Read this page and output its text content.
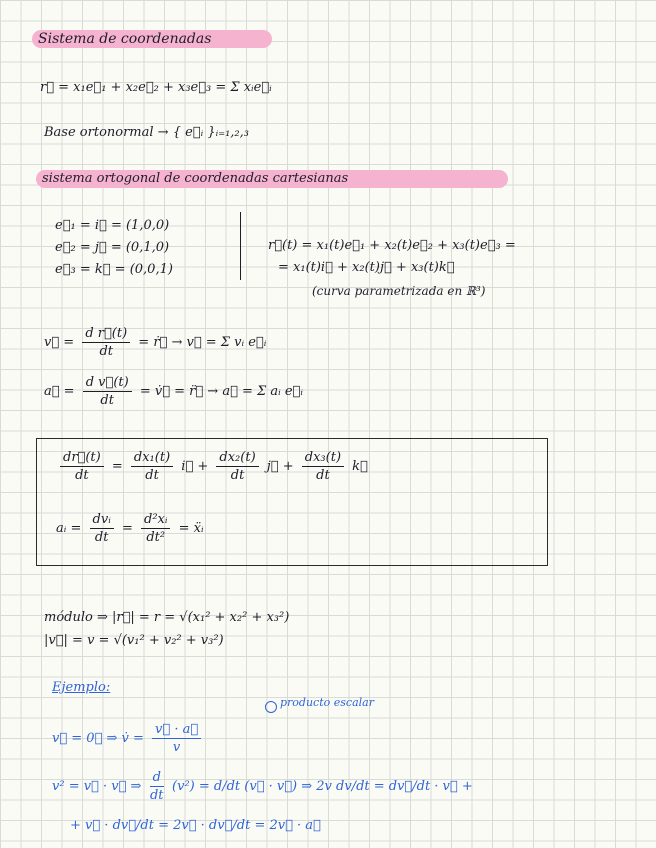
Sistema de coordenadas
r⃗ = x₁e⃗₁ + x₂e⃗₂ + x₃e⃗₃ = Σ xᵢe⃗ᵢ
Base ortonormal → { e⃗ᵢ }ᵢ₌₁,₂,₃
sistema ortogonal de coordenadas cartesianas
e⃗₁ = i⃗ = (1,0,0)
e⃗₂ = j⃗ = (0,1,0)
e⃗₃ = k⃗ = (0,0,1)
r⃗(t) = x₁(t)e⃗₁ + x₂(t)e⃗₂ + x₃(t)e⃗₃ =
= x₁(t)i⃗ + x₂(t)j⃗ + x₃(t)k⃗
(curva parametrizada en ℝ³)
v⃗ = $\frac{\text{d r⃗(t)}}{dt}$ = ṙ⃗ → v⃗ = Σ vᵢ e⃗ᵢ
a⃗ = $\frac{\text{d v⃗(t)}}{dt}$ = v̇⃗ = r̈⃗ → a⃗ = Σ aᵢ e⃗ᵢ
$\frac{dr⃗(t)}{dt} = \frac{\text{dx₁(t)}}{dt}$ i⃗ + $\frac{\text{dx₂(t)}}{dt}$ j⃗ + $\frac{\text{dx₃(t)}}{dt}$ k⃗
aᵢ = $\frac{\text{dvᵢ}}{dt} = \frac{\text{d²xᵢ}}{\text{dt²}}$ = ẍᵢ
módulo ⇒ |r⃗| = r = √(x₁² + x₂² + x₃²)
|v⃗| = v = √(v₁² + v₂² + v₃²)
Ejemplo:
producto escalar
v⃗ = 0⃗ ⇒ v̇ = $\frac{v⃗ \cdot a⃗}{v}$
v² = v⃗ · v⃗ ⇒ $\frac{d}{dt} (v^2) = d/dt$ (v⃗ · v⃗) ⇒ 2v dv/dt = dv⃗/dt · v⃗ +
+ v⃗ · dv⃗/dt = 2v⃗ · dv⃗/dt = 2v⃗ · a⃗
